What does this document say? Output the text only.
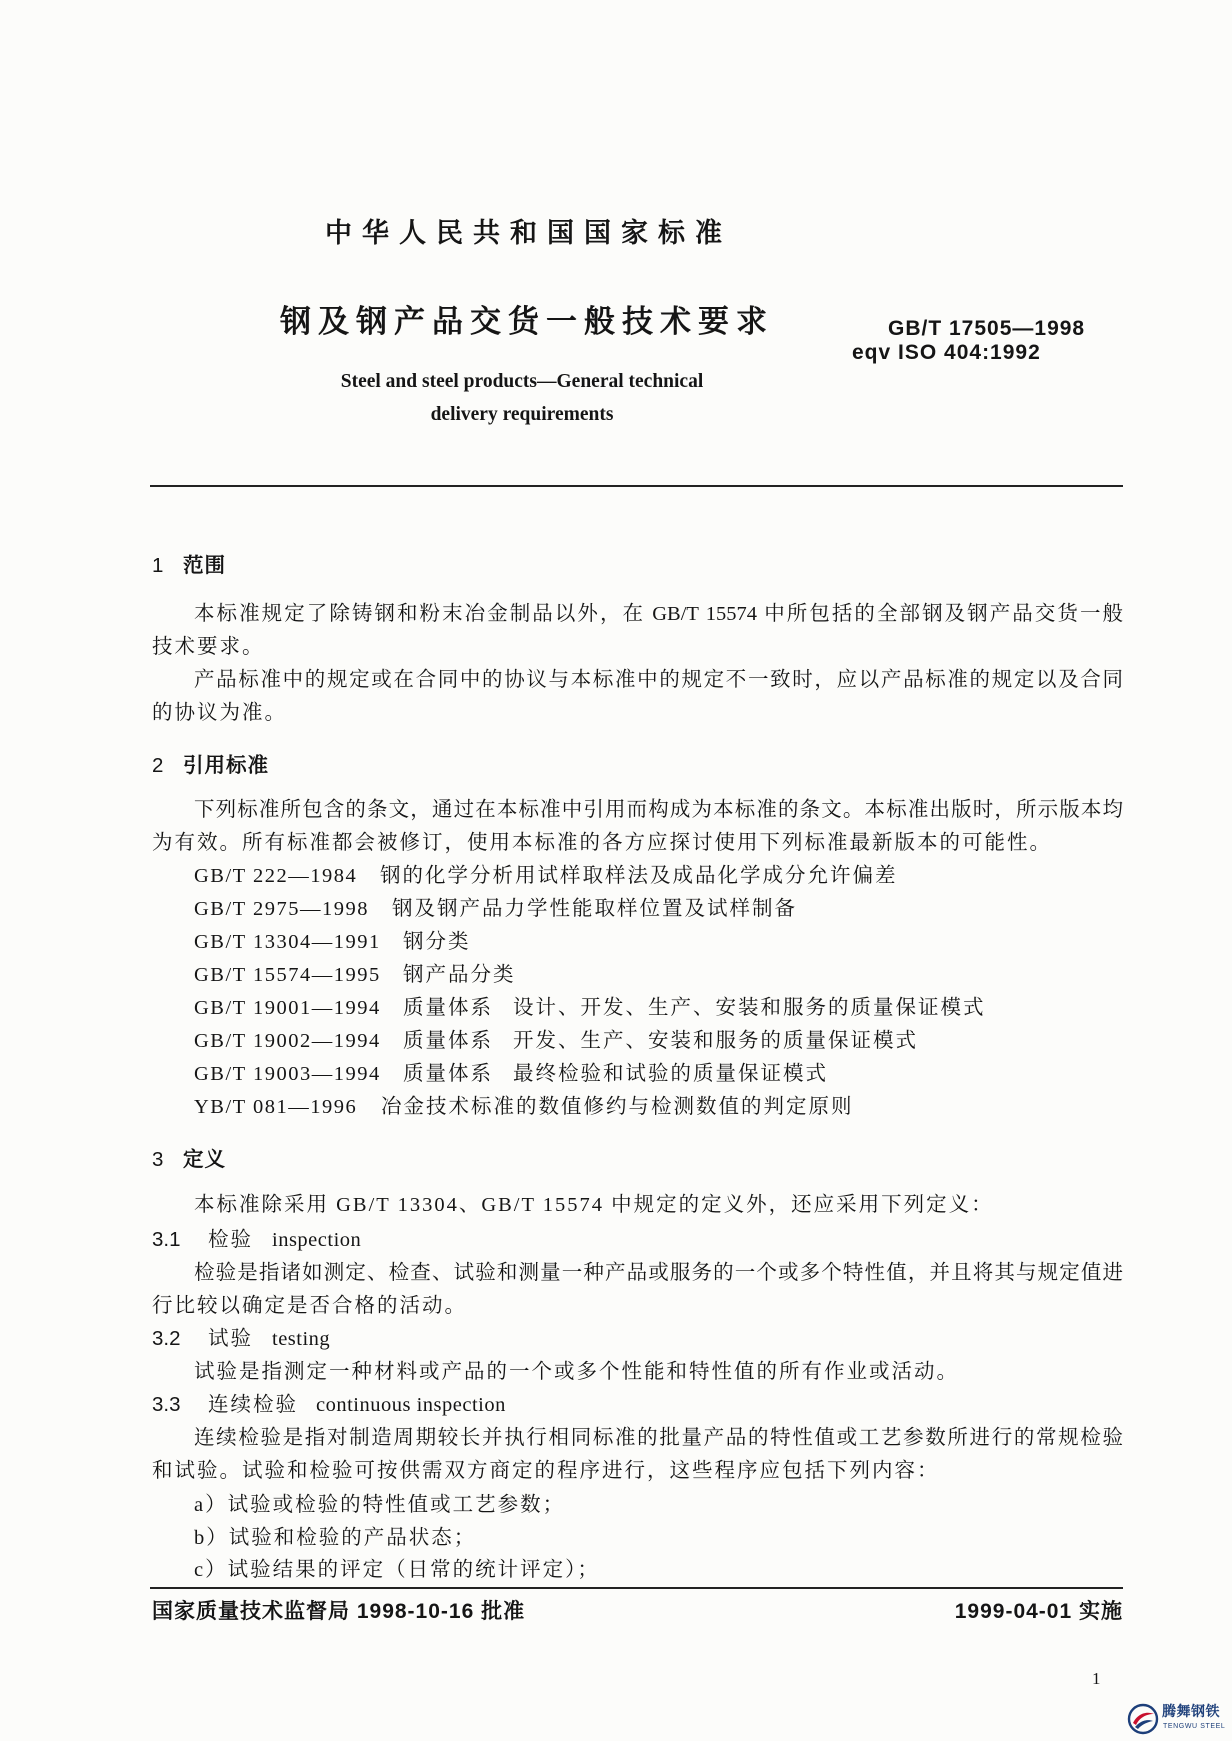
中华人民共和国国家标准
钢及钢产品交货一般技术要求	GB/T 17505—1998
eqv ISO 404:1992
Steel and steel products—General technical
delivery requirements
1 范围
本标准规定了除铸钢和粉末冶金制品以外，在 GB/T 15574 中所包括的全部钢及钢产品交货一般
技术要求。
产品标准中的规定或在合同中的协议与本标准中的规定不一致时，应以产品标准的规定以及合同
的协议为准。
2 引用标准
下列标准所包含的条文，通过在本标准中引用而构成为本标准的条文。本标准出版时，所示版本均
为有效。所有标准都会被修订，使用本标准的各方应探讨使用下列标准最新版本的可能性。
GB/T 222—1984 钢的化学分析用试样取样法及成品化学成分允许偏差
GB/T 2975—1998 钢及钢产品力学性能取样位置及试样制备
GB/T 13304—1991 钢分类
GB/T 15574—1995 钢产品分类
GB/T 19001—1994 质量体系 设计、开发、生产、安装和服务的质量保证模式
GB/T 19002—1994 质量体系 开发、生产、安装和服务的质量保证模式
GB/T 19003—1994 质量体系 最终检验和试验的质量保证模式
YB/T 081—1996 冶金技术标准的数值修约与检测数值的判定原则
3 定义
本标准除采用 GB/T 13304、GB/T 15574 中规定的定义外，还应采用下列定义：
3.1 检验 inspection
检验是指诸如测定、检查、试验和测量一种产品或服务的一个或多个特性值，并且将其与规定值进
行比较以确定是否合格的活动。
3.2 试验 testing
试验是指测定一种材料或产品的一个或多个性能和特性值的所有作业或活动。
3.3 连续检验 continuous inspection
连续检验是指对制造周期较长并执行相同标准的批量产品的特性值或工艺参数所进行的常规检验
和试验。试验和检验可按供需双方商定的程序进行，这些程序应包括下列内容：
a）试验或检验的特性值或工艺参数；
b）试验和检验的产品状态；
c）试验结果的评定（日常的统计评定）；
国家质量技术监督局 1998-10-16 批准	1999-04-01 实施
1
腾舞钢铁
TENGWU STEEL
